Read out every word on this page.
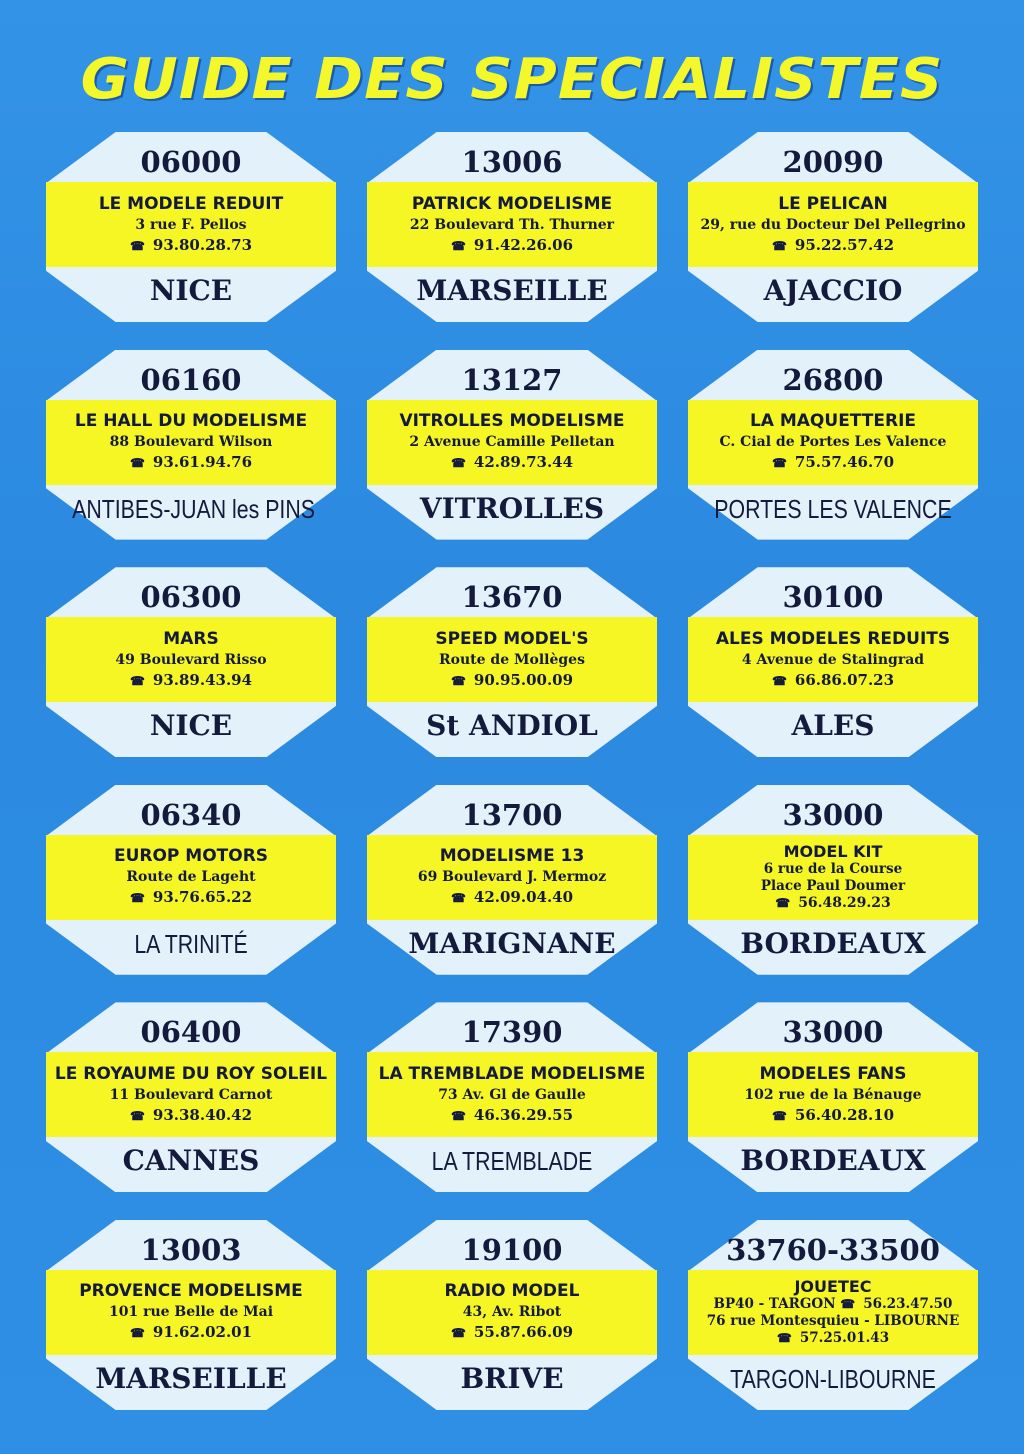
GUIDE DES SPECIALISTES
06000
LE MODELE REDUIT
3 rue F. Pellos
☎ 93.80.28.73
NICE
13006
PATRICK MODELISME
22 Boulevard Th. Thurner
☎ 91.42.26.06
MARSEILLE
20090
LE PELICAN
29, rue du Docteur Del Pellegrino
☎ 95.22.57.42
AJACCIO
06160
LE HALL DU MODELISME
88 Boulevard Wilson
☎ 93.61.94.76
ANTIBES-JUAN les PINS
13127
VITROLLES MODELISME
2 Avenue Camille Pelletan
☎ 42.89.73.44
VITROLLES
26800
LA MAQUETTERIE
C. Cial de Portes Les Valence
☎ 75.57.46.70
PORTES LES VALENCE
06300
MARS
49 Boulevard Risso
☎ 93.89.43.94
NICE
13670
SPEED MODEL'S
Route de Mollèges
☎ 90.95.00.09
St ANDIOL
30100
ALES MODELES REDUITS
4 Avenue de Stalingrad
☎ 66.86.07.23
ALES
06340
EUROP MOTORS
Route de Lageht
☎ 93.76.65.22
LA TRINITÉ
13700
MODELISME 13
69 Boulevard J. Mermoz
☎ 42.09.04.40
MARIGNANE
33000
MODEL KIT
6 rue de la Course
Place Paul Doumer
☎ 56.48.29.23
BORDEAUX
06400
LE ROYAUME DU ROY SOLEIL
11 Boulevard Carnot
☎ 93.38.40.42
CANNES
17390
LA TREMBLADE MODELISME
73 Av. Gl de Gaulle
☎ 46.36.29.55
LA TREMBLADE
33000
MODELES FANS
102 rue de la Bénauge
☎ 56.40.28.10
BORDEAUX
13003
PROVENCE MODELISME
101 rue Belle de Mai
☎ 91.62.02.01
MARSEILLE
19100
RADIO MODEL
43, Av. Ribot
☎ 55.87.66.09
BRIVE
33760-33500
JOUETEC
BP40 - TARGON ☎ 56.23.47.50
76 rue Montesquieu - LIBOURNE
☎ 57.25.01.43
TARGON-LIBOURNE
